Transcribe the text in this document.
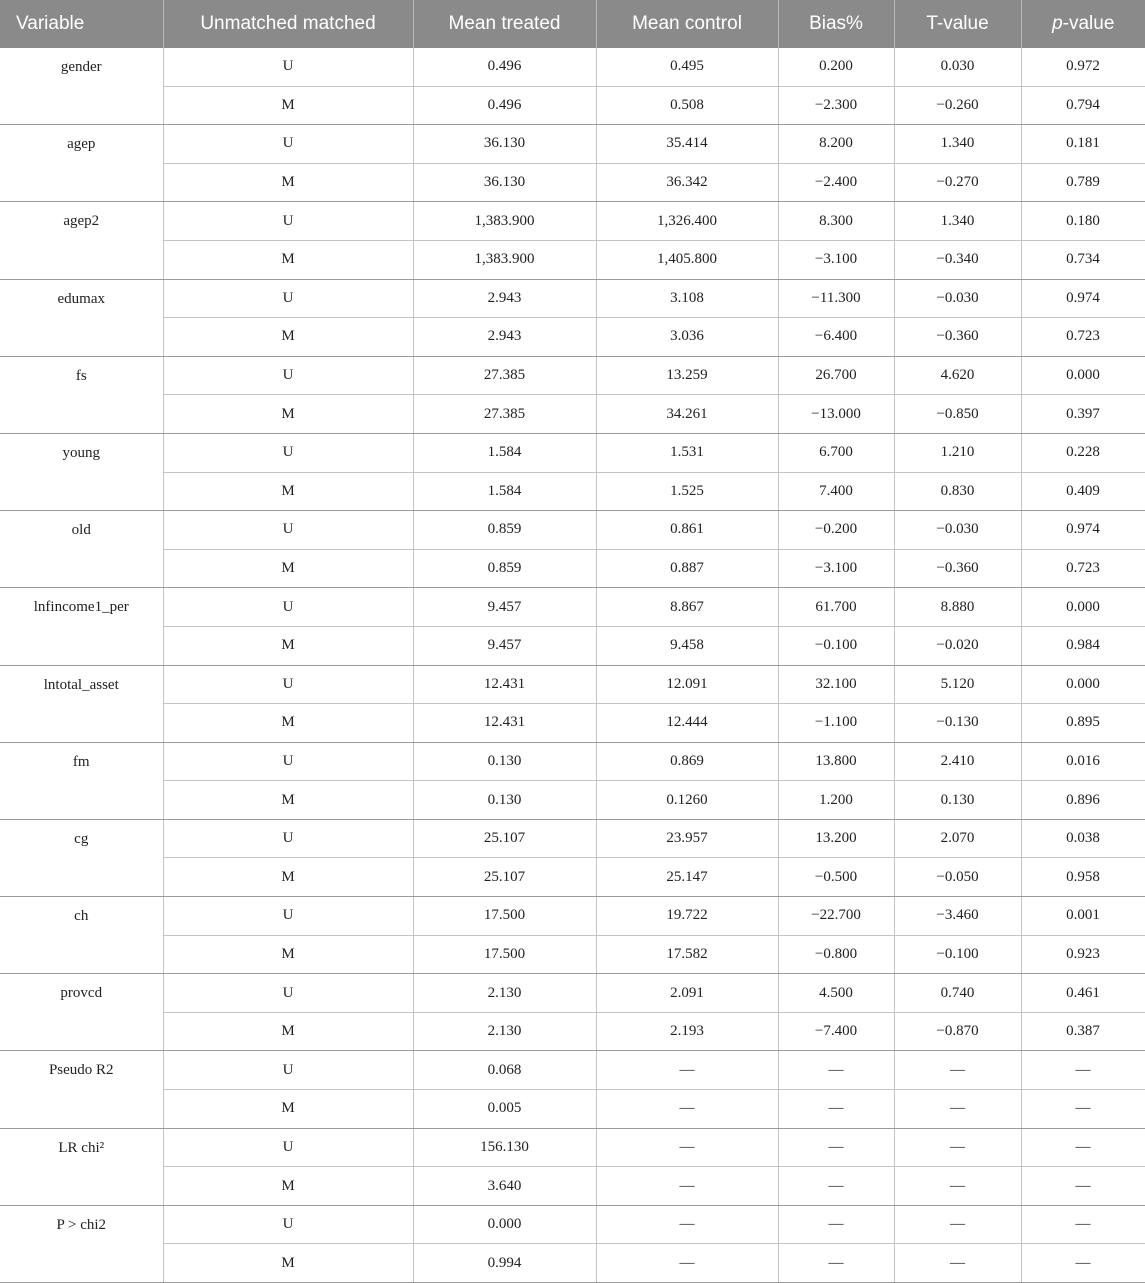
Variable	Unmatched matched	Mean treated	Mean control	Bias%	T-value	p-value
gender	U	0.496	0.495	0.200	0.030	0.972
	M	0.496	0.508	−2.300	−0.260	0.794
agep	U	36.130	35.414	8.200	1.340	0.181
	M	36.130	36.342	−2.400	−0.270	0.789
agep2	U	1,383.900	1,326.400	8.300	1.340	0.180
	M	1,383.900	1,405.800	−3.100	−0.340	0.734
edumax	U	2.943	3.108	−11.300	−0.030	0.974
	M	2.943	3.036	−6.400	−0.360	0.723
fs	U	27.385	13.259	26.700	4.620	0.000
	M	27.385	34.261	−13.000	−0.850	0.397
young	U	1.584	1.531	6.700	1.210	0.228
	M	1.584	1.525	7.400	0.830	0.409
old	U	0.859	0.861	−0.200	−0.030	0.974
	M	0.859	0.887	−3.100	−0.360	0.723
lnfincome1_per	U	9.457	8.867	61.700	8.880	0.000
	M	9.457	9.458	−0.100	−0.020	0.984
lntotal_asset	U	12.431	12.091	32.100	5.120	0.000
	M	12.431	12.444	−1.100	−0.130	0.895
fm	U	0.130	0.869	13.800	2.410	0.016
	M	0.130	0.1260	1.200	0.130	0.896
cg	U	25.107	23.957	13.200	2.070	0.038
	M	25.107	25.147	−0.500	−0.050	0.958
ch	U	17.500	19.722	−22.700	−3.460	0.001
	M	17.500	17.582	−0.800	−0.100	0.923
provcd	U	2.130	2.091	4.500	0.740	0.461
	M	2.130	2.193	−7.400	−0.870	0.387
Pseudo R2	U	0.068	—	—	—	—
	M	0.005	—	—	—	—
LR chi²	U	156.130	—	—	—	—
	M	3.640	—	—	—	—
P > chi2	U	0.000	—	—	—	—
	M	0.994	—	—	—	—
